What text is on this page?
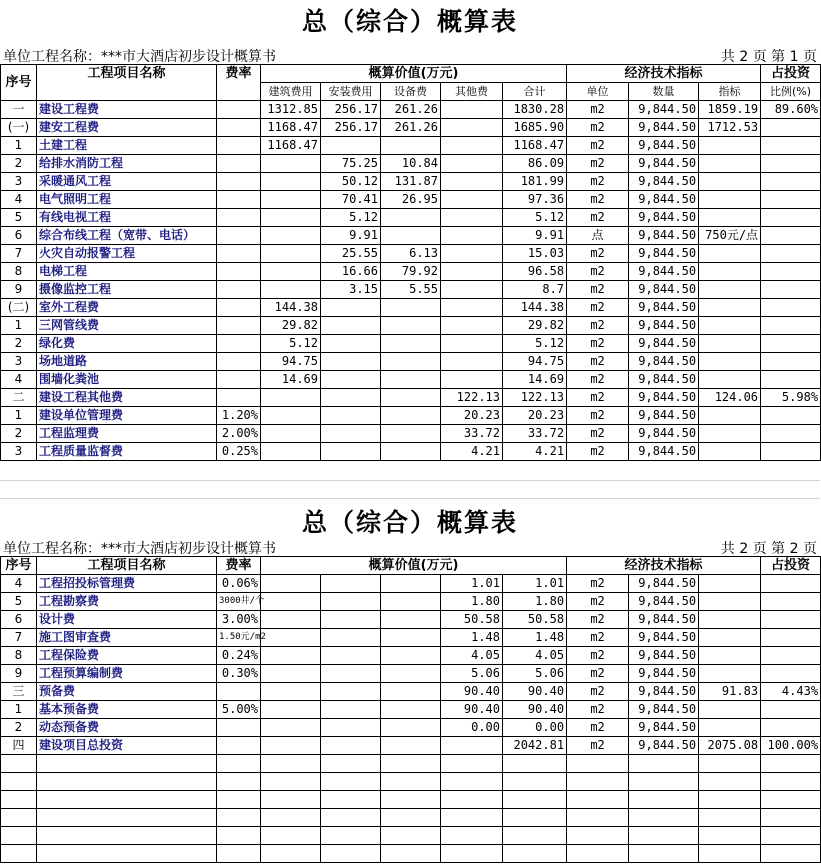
总（综合）概算表
单位工程名称：***市大酒店初步设计概算书	共 2 页 第 1 页
序号	工程项目名称	费率	概算价值(万元)					经济技术指标			占投资
			建筑费用	安装费用	设备费	其他费	合计	单位	数量	指标	比例(%)
一	建设工程费		1312.85	256.17	261.26		1830.28	m2	9,844.50	1859.19	89.60%
(一)	建安工程费		1168.47	256.17	261.26		1685.90	m2	9,844.50	1712.53	
1	土建工程		1168.47				1168.47	m2	9,844.50		
2	给排水消防工程			75.25	10.84		86.09	m2	9,844.50		
3	采暖通风工程			50.12	131.87		181.99	m2	9,844.50		
4	电气照明工程			70.41	26.95		97.36	m2	9,844.50		
5	有线电视工程			5.12			5.12	m2	9,844.50		
6	综合布线工程（宽带、电话）			9.91			9.91	点	9,844.50	750元/点	
7	火灾自动报警工程			25.55	6.13		15.03	m2	9,844.50		
8	电梯工程			16.66	79.92		96.58	m2	9,844.50		
9	摄像监控工程			3.15	5.55		8.7	m2	9,844.50		
(二)	室外工程费		144.38				144.38	m2	9,844.50		
1	三网管线费		29.82				29.82	m2	9,844.50		
2	绿化费		5.12				5.12	m2	9,844.50		
3	场地道路		94.75				94.75	m2	9,844.50		
4	围墙化粪池		14.69				14.69	m2	9,844.50		
二	建设工程其他费					122.13	122.13	m2	9,844.50	124.06	5.98%
1	建设单位管理费	1.20%				20.23	20.23	m2	9,844.50		
2	工程监理费	2.00%				33.72	33.72	m2	9,844.50		
3	工程质量监督费	0.25%				4.21	4.21	m2	9,844.50		
总（综合）概算表
单位工程名称：***市大酒店初步设计概算书	共 2 页 第 2 页
序号	工程项目名称	费率	概算价值(万元)					经济技术指标			占投资
4	工程招投标管理费	0.06%				1.01	1.01	m2	9,844.50		
5	工程勘察费	3000井/个				1.80	1.80	m2	9,844.50		
6	设计费	3.00%				50.58	50.58	m2	9,844.50		
7	施工图审查费	1.50元/m2				1.48	1.48	m2	9,844.50		
8	工程保险费	0.24%				4.05	4.05	m2	9,844.50		
9	工程预算编制费	0.30%				5.06	5.06	m2	9,844.50		
三	预备费					90.40	90.40	m2	9,844.50	91.83	4.43%
1	基本预备费	5.00%				90.40	90.40	m2	9,844.50		
2	动态预备费					0.00	0.00	m2	9,844.50		
四	建设项目总投资						2042.81	m2	9,844.50	2075.08	100.00%
